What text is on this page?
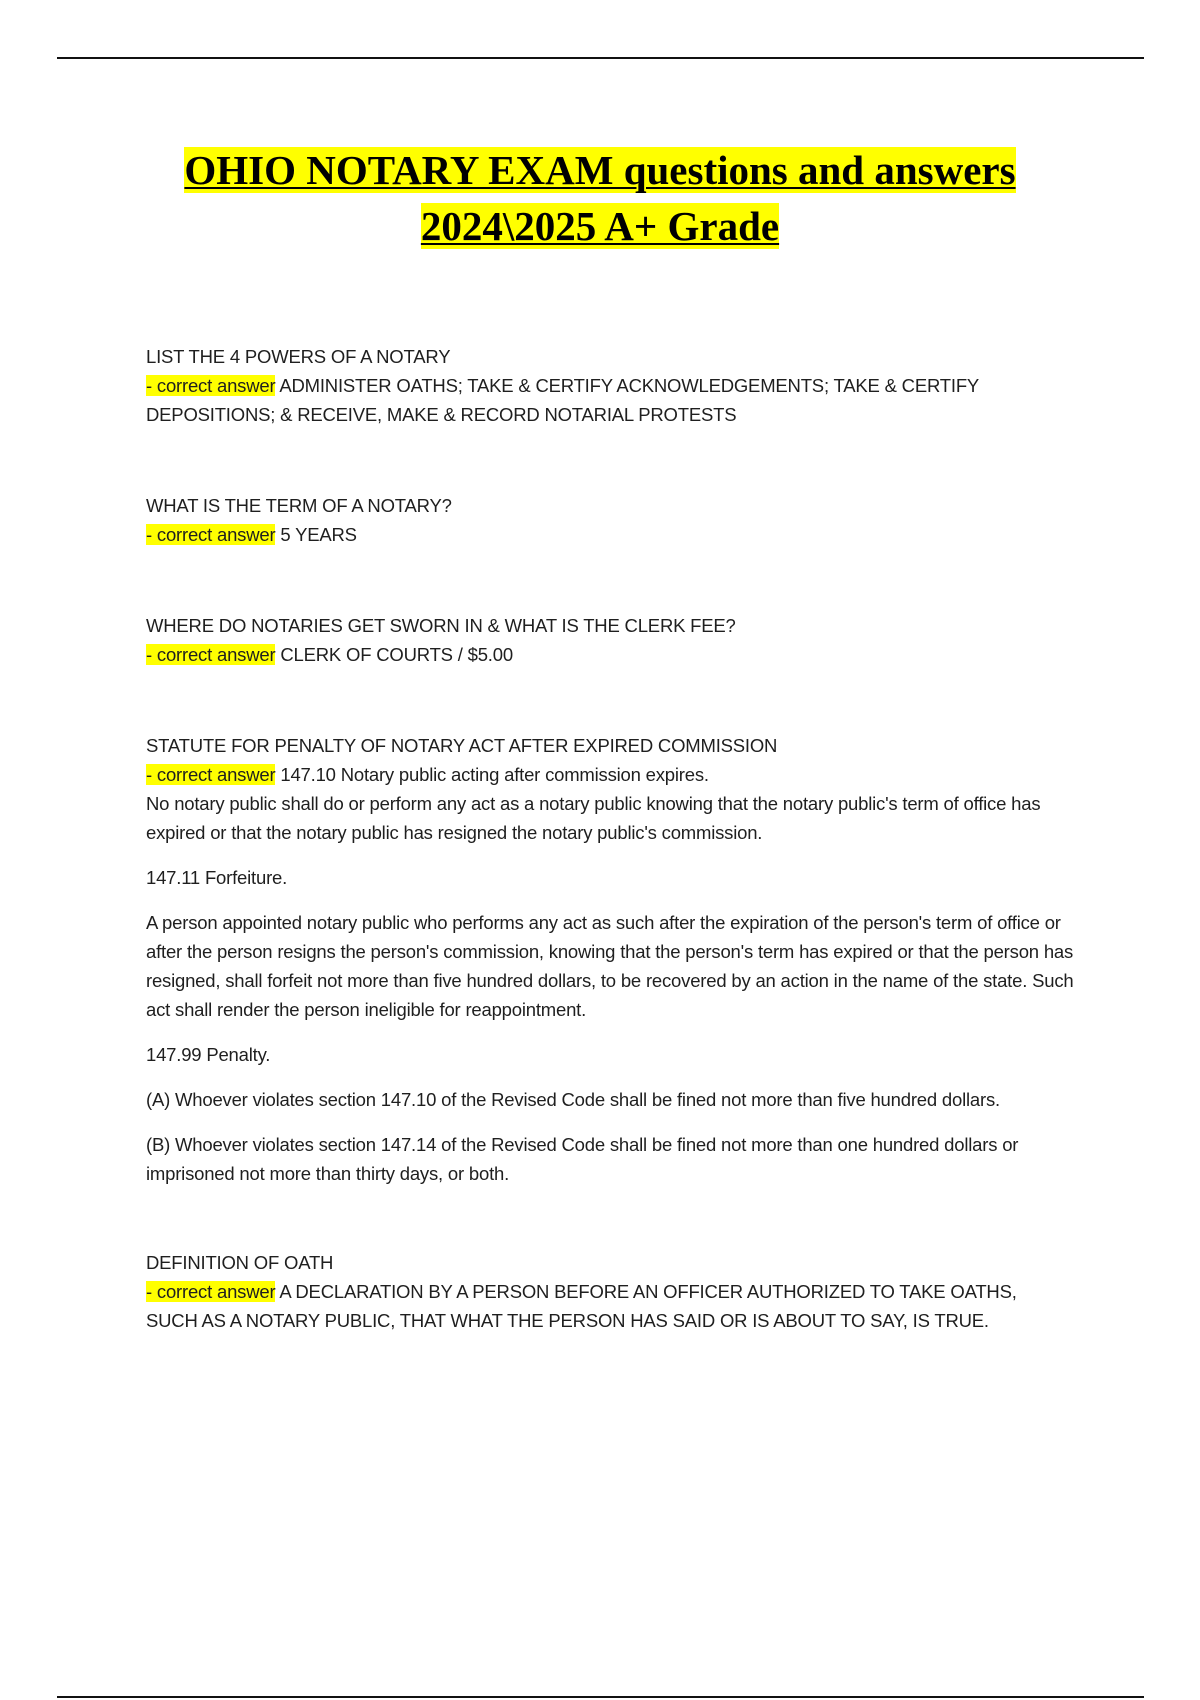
OHIO NOTARY EXAM questions and answers
2024\2025 A+ Grade

LIST THE 4 POWERS OF A NOTARY

- correct answer ADMINISTER OATHS; TAKE & CERTIFY ACKNOWLEDGEMENTS; TAKE & CERTIFY

DEPOSITIONS; & RECEIVE, MAKE & RECORD NOTARIAL PROTESTS

WHAT IS THE TERM OF A NOTARY?

- correct answer 5 YEARS

WHERE DO NOTARIES GET SWORN IN & WHAT IS THE CLERK FEE?

- correct answer CLERK OF COURTS / $5.00

STATUTE FOR PENALTY OF NOTARY ACT AFTER EXPIRED COMMISSION

- correct answer 147.10 Notary public acting after commission expires.

No notary public shall do or perform any act as a notary public knowing that the notary public's term of office has expired or that the notary public has resigned the notary public's commission.

147.11 Forfeiture.

A person appointed notary public who performs any act as such after the expiration of the person's term of office or after the person resigns the person's commission, knowing that the person's term has expired or that the person has resigned, shall forfeit not more than five hundred dollars, to be recovered by an action in the name of the state. Such act shall render the person ineligible for reappointment.

147.99 Penalty.

(A) Whoever violates section 147.10 of the Revised Code shall be fined not more than five hundred dollars.

(B) Whoever violates section 147.14 of the Revised Code shall be fined not more than one hundred dollars or imprisoned not more than thirty days, or both.

DEFINITION OF OATH

- correct answer A DECLARATION BY A PERSON BEFORE AN OFFICER AUTHORIZED TO TAKE OATHS,

SUCH AS A NOTARY PUBLIC, THAT WHAT THE PERSON HAS SAID OR IS ABOUT TO SAY, IS TRUE.
